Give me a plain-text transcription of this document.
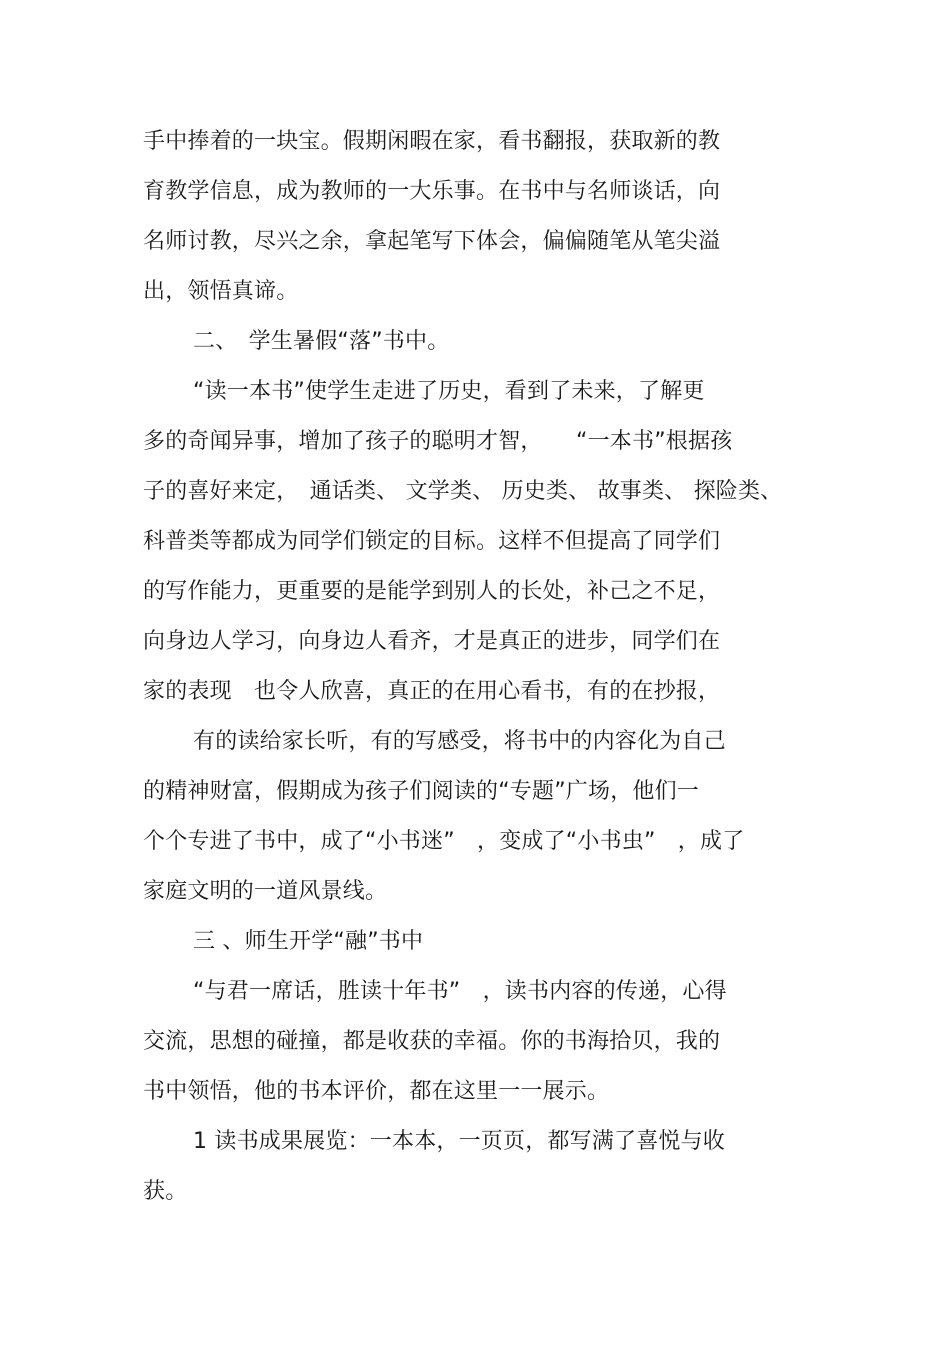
手中捧着的一块宝。假期闲暇在家，看书翻报，获取新的教

育教学信息，成为教师的一大乐事。在书中与名师谈话，向

名师讨教，尽兴之余，拿起笔写下体会，偏偏随笔从笔尖溢

出，领悟真谛。

二、　学生暑假“落”书中。

“读一本书”使学生走进了历史，看到了未来，了解更

多的奇闻异事，增加了孩子的聪明才智，　　“一本书”根据孩

子的喜好来定，　通话类、 文学类、 历史类、 故事类、 探险类、

科普类等都成为同学们锁定的目标。这样不但提高了同学们

的写作能力，更重要的是能学到别人的长处，补己之不足，

向身边人学习，向身边人看齐，才是真正的进步，同学们在

家的表现　也令人欣喜，真正的在用心看书，有的在抄报，

有的读给家长听，有的写感受，将书中的内容化为自己

的精神财富，假期成为孩子们阅读的“专题”广场，他们一

个个专进了书中，成了“小书迷”　，变成了“小书虫”　，成了

家庭文明的一道风景线。

三 、师生开学“融”书中

“与君一席话，胜读十年书”　，读书内容的传递，心得

交流，思想的碰撞，都是收获的幸福。你的书海拾贝，我的

书中领悟，他的书本评价，都在这里一一展示。

1 读书成果展览：一本本，一页页，都写满了喜悦与收

获。
